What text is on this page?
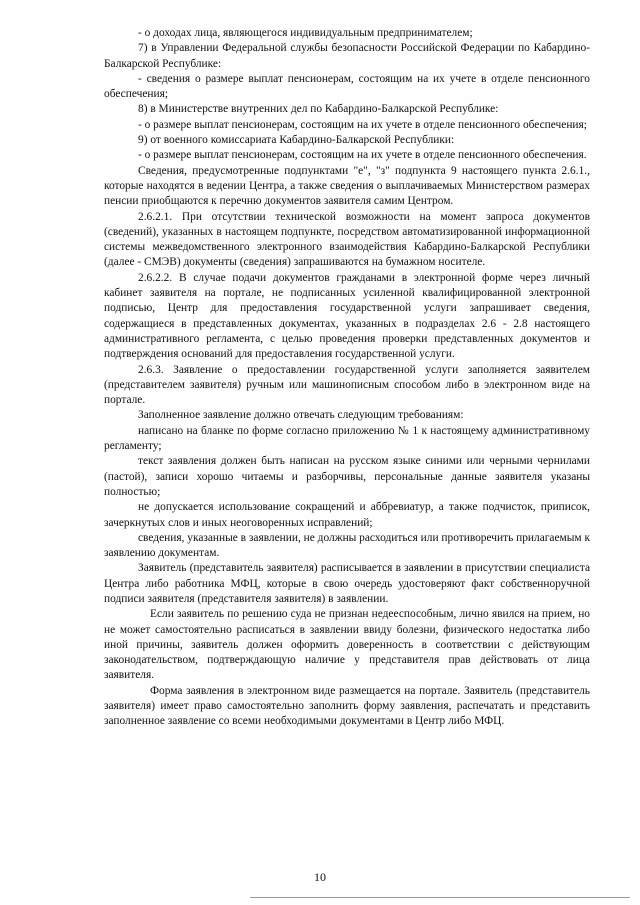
- о доходах лица, являющегося индивидуальным предпринимателем;

7) в Управлении Федеральной службы безопасности Российской Федерации по Кабардино-Балкарской Республике:

- сведения о размере выплат пенсионерам, состоящим на их учете в отделе пенсионного обеспечения;

8) в Министерстве внутренних дел по Кабардино-Балкарской Республике:

- о размере выплат пенсионерам, состоящим на их учете в отделе пенсионного обеспечения;

9) от военного комиссариата Кабардино-Балкарской Республики:

- о размере выплат пенсионерам, состоящим на их учете в отделе пенсионного обеспечения.

Сведения, предусмотренные подпунктами "е", "з" подпункта 9 настоящего пункта 2.6.1., которые находятся в ведении Центра, а также сведения о выплачиваемых Министерством размерах пенсии приобщаются к перечню документов заявителя самим Центром.

2.6.2.1. При отсутствии технической возможности на момент запроса документов (сведений), указанных в настоящем подпункте, посредством автоматизированной информационной системы межведомственного электронного взаимодействия Кабардино-Балкарской Республики (далее - СМЭВ) документы (сведения) запрашиваются на бумажном носителе.

2.6.2.2. В случае подачи документов гражданами в электронной форме через личный кабинет заявителя на портале, не подписанных усиленной квалифицированной электронной подписью, Центр для предоставления государственной услуги запрашивает сведения, содержащиеся в представленных документах, указанных в подразделах 2.6 - 2.8 настоящего административного регламента, с целью проведения проверки представленных документов и подтверждения оснований для предоставления государственной услуги.

2.6.3. Заявление о предоставлении государственной услуги заполняется заявителем (представителем заявителя) ручным или машинописным способом либо в электронном виде на портале.

Заполненное заявление должно отвечать следующим требованиям:

написано на бланке по форме согласно приложению № 1 к настоящему административному регламенту;

текст заявления должен быть написан на русском языке синими или черными чернилами (пастой), записи хорошо читаемы и разборчивы, персональные данные заявителя указаны полностью;

не допускается использование сокращений и аббревиатур, а также подчисток, приписок, зачеркнутых слов и иных неоговоренных исправлений;

сведения, указанные в заявлении, не должны расходиться или противоречить прилагаемым к заявлению документам.

Заявитель (представитель заявителя) расписывается в заявлении в присутствии специалиста Центра либо работника МФЦ, которые в свою очередь удостоверяют факт собственноручной подписи заявителя (представителя заявителя) в заявлении.

Если заявитель по решению суда не признан недееспособным, лично явился на прием, но не может самостоятельно расписаться в заявлении ввиду болезни, физического недостатка либо иной причины, заявитель должен оформить доверенность в соответствии с действующим законодательством, подтверждающую наличие у представителя прав действовать от лица заявителя.

Форма заявления в электронном виде размещается на портале. Заявитель (представитель заявителя) имеет право самостоятельно заполнить форму заявления, распечатать и представить заполненное заявление со всеми необходимыми документами в Центр либо МФЦ.

10
